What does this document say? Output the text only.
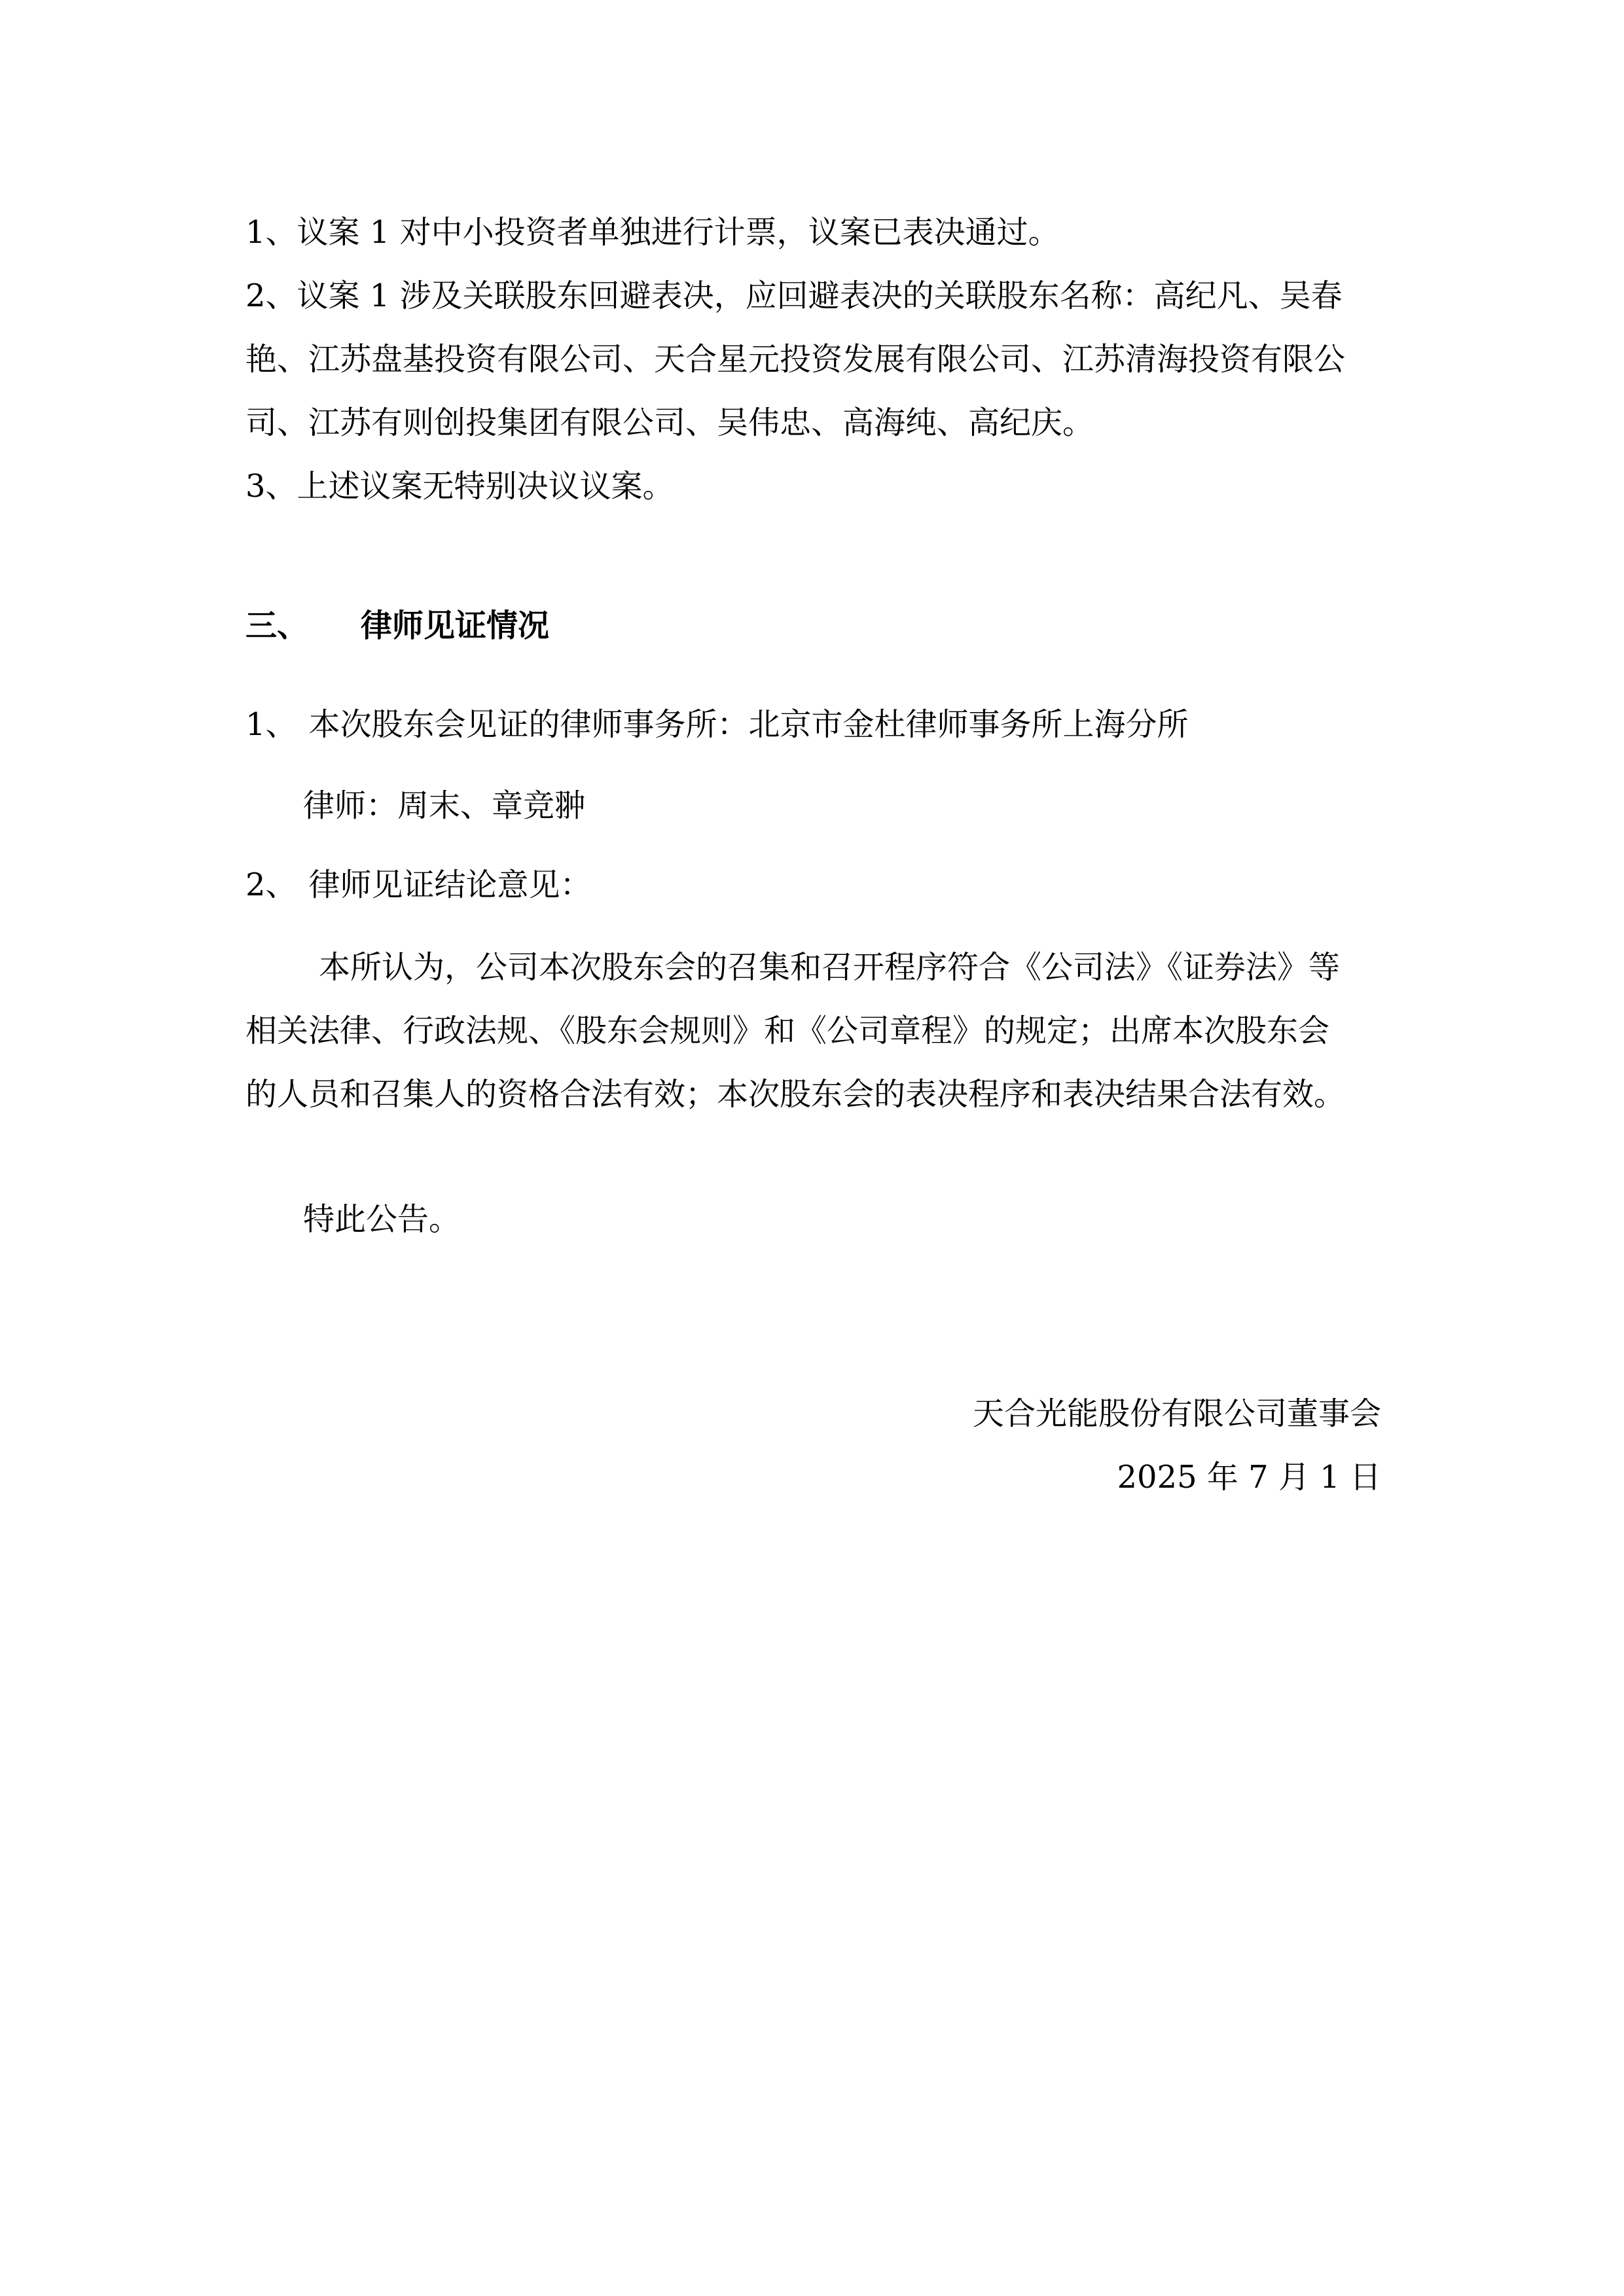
1、议案 1 对中小投资者单独进行计票，议案已表决通过。
2、议案 1 涉及关联股东回避表决，应回避表决的关联股东名称：高纪凡、吴春
艳、江苏盘基投资有限公司、天合星元投资发展有限公司、江苏清海投资有限公
司、江苏有则创投集团有限公司、吴伟忠、高海纯、高纪庆。
3、上述议案无特别决议议案。
三、 律师见证情况
1、 本次股东会见证的律师事务所：北京市金杜律师事务所上海分所
律师：周末、章竞翀
2、 律师见证结论意见：
本所认为，公司本次股东会的召集和召开程序符合《公司法》《证券法》等
相关法律、行政法规、《股东会规则》和《公司章程》的规定；出席本次股东会
的人员和召集人的资格合法有效；本次股东会的表决程序和表决结果合法有效。
特此公告。
天合光能股份有限公司董事会
2025 年 7 月 1 日
